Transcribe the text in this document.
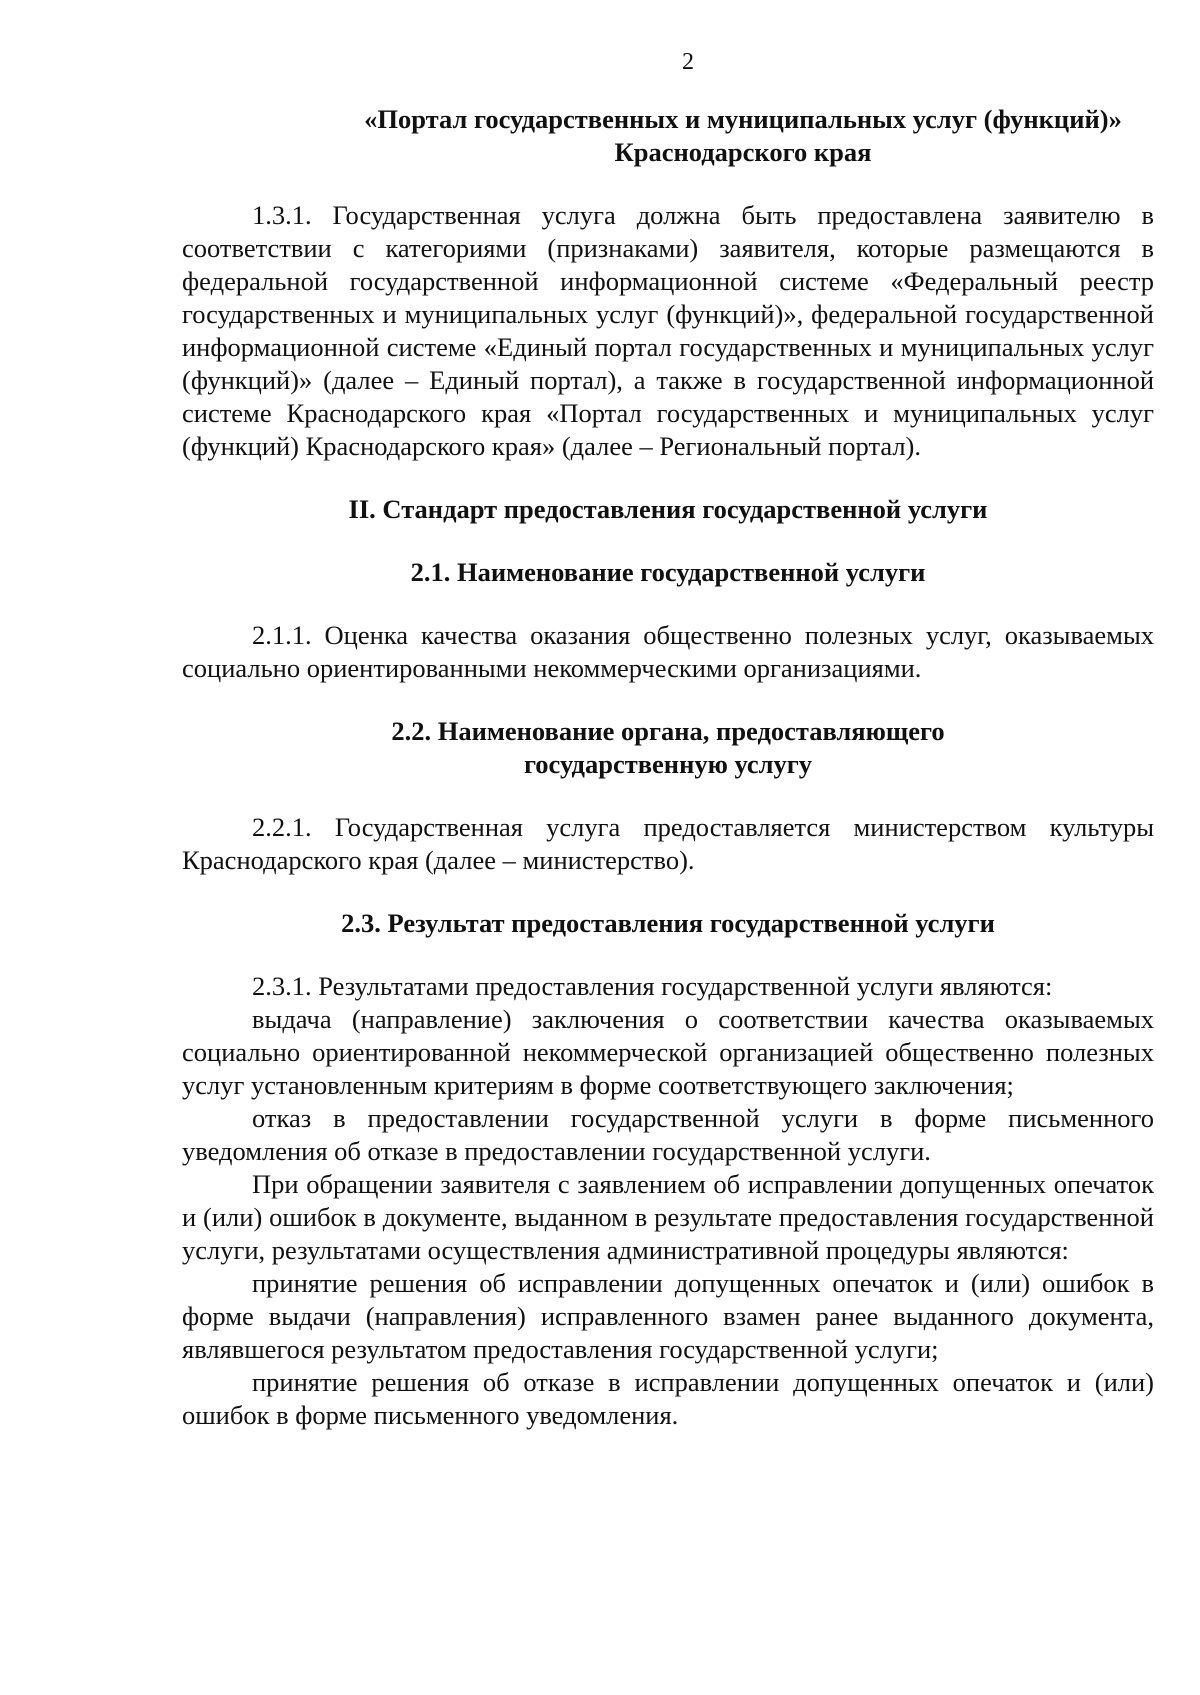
2
«Портал государственных и муниципальных услуг (функций)»
Краснодарского края

1.3.1. Государственная услуга должна быть предоставлена заявителю в соответствии с категориями (признаками) заявителя, которые размещаются в федеральной государственной информационной системе «Федеральный реестр государственных и муниципальных услуг (функций)», федеральной государственной информационной системе «Единый портал государственных и муниципальных услуг (функций)» (далее – Единый портал), а также в государственной информационной системе Краснодарского края «Портал государственных и муниципальных услуг (функций) Краснодарского края» (далее – Региональный портал).

II. Стандарт предоставления государственной услуги
2.1. Наименование государственной услуги

2.1.1. Оценка качества оказания общественно полезных услуг, оказываемых социально ориентированными некоммерческими организациями.

2.2. Наименование органа, предоставляющего
государственную услугу

2.2.1. Государственная услуга предоставляется министерством культуры Краснодарского края (далее – министерство).

2.3. Результат предоставления государственной услуги

2.3.1. Результатами предоставления государственной услуги являются:

выдача (направление) заключения о соответствии качества оказываемых социально ориентированной некоммерческой организацией общественно полезных услуг установленным критериям в форме соответствующего заключения;

отказ в предоставлении государственной услуги в форме письменного уведомления об отказе в предоставлении государственной услуги.

При обращении заявителя с заявлением об исправлении допущенных опечаток и (или) ошибок в документе, выданном в результате предоставления государственной услуги, результатами осуществления административной процедуры являются:

принятие решения об исправлении допущенных опечаток и (или) ошибок в форме выдачи (направления) исправленного взамен ранее выданного документа, являвшегося результатом предоставления государственной услуги;

принятие решения об отказе в исправлении допущенных опечаток и (или) ошибок в форме письменного уведомления.
